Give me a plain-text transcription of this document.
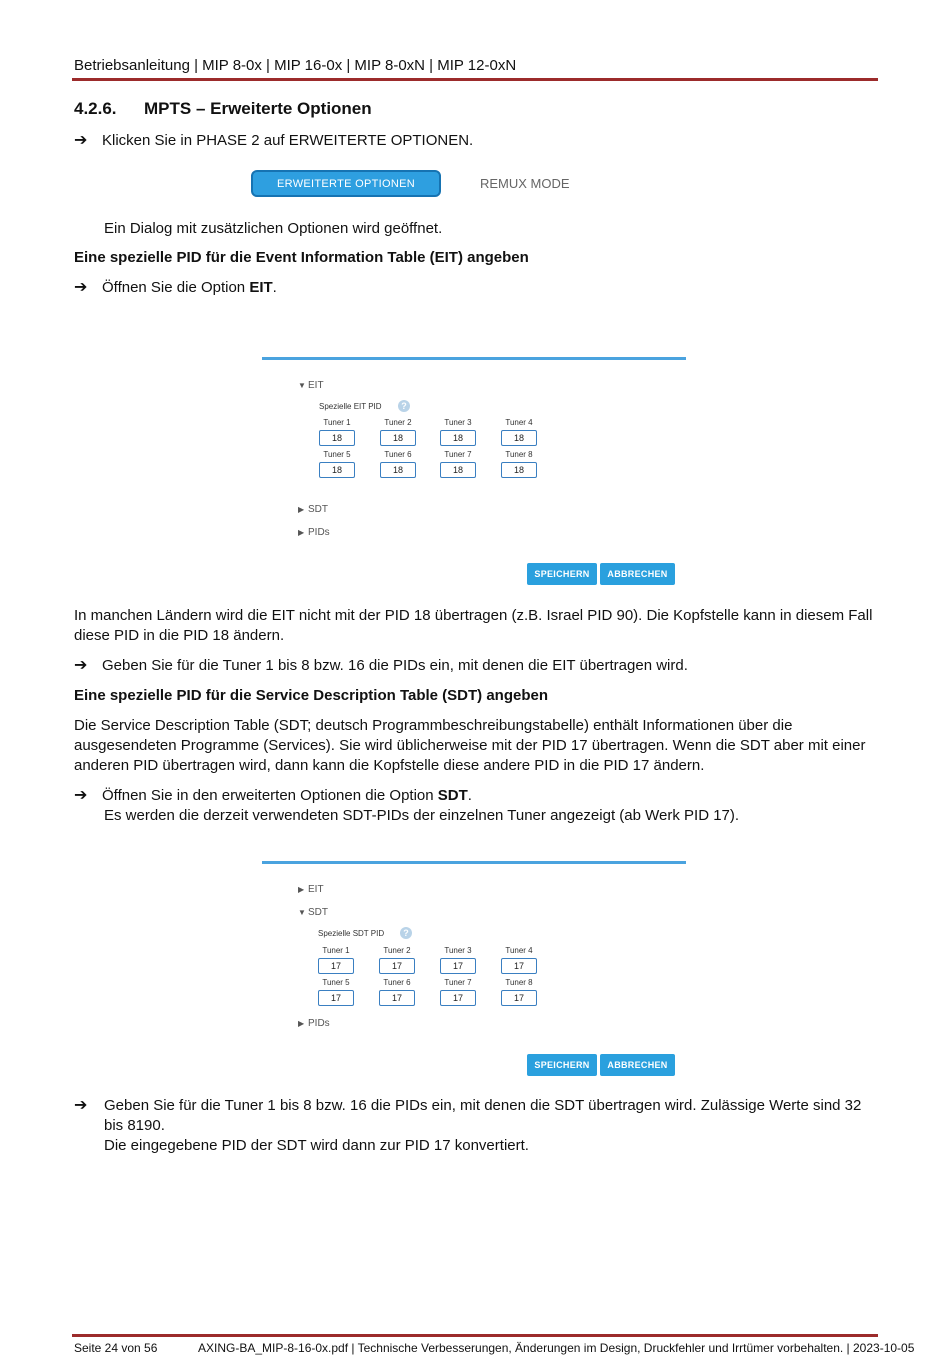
Betriebsanleitung | MIP 8-0x | MIP 16-0x | MIP 8-0xN | MIP 12-0xN
4.2.6. MPTS – Erweiterte Optionen
➔ Klicken Sie in PHASE 2 auf ERWEITERTE OPTIONEN.
ERWEITERTE OPTIONEN	REMUX MODE
Ein Dialog mit zusätzlichen Optionen wird geöffnet.
Eine spezielle PID für die Event Information Table (EIT) angeben
➔ Öffnen Sie die Option EIT.
▼ EIT
Spezielle EIT PID	?
Tuner 1	Tuner 2	Tuner 3	Tuner 4
18	18	18	18
Tuner 5	Tuner 6	Tuner 7	Tuner 8
18	18	18	18
▶ SDT
▶ PIDs
SPEICHERN	ABBRECHEN
In manchen Ländern wird die EIT nicht mit der PID 18 übertragen (z.B. Israel PID 90). Die Kopfstelle kann in diesem Fall diese PID in die PID 18 ändern.
➔ Geben Sie für die Tuner 1 bis 8 bzw. 16 die PIDs ein, mit denen die EIT übertragen wird.
Eine spezielle PID für die Service Description Table (SDT) angeben
Die Service Description Table (SDT; deutsch Programmbeschreibungstabelle) enthält Informationen über die ausgesendeten Programme (Services). Sie wird üblicherweise mit der PID 17 übertragen. Wenn die SDT aber mit einer anderen PID übertragen wird, dann kann die Kopfstelle diese andere PID in die PID 17 ändern.
➔ Öffnen Sie in den erweiterten Optionen die Option SDT.
Es werden die derzeit verwendeten SDT-PIDs der einzelnen Tuner angezeigt (ab Werk PID 17).
▶ EIT
▼ SDT
Spezielle SDT PID	?
Tuner 1	Tuner 2	Tuner 3	Tuner 4
17	17	17	17
Tuner 5	Tuner 6	Tuner 7	Tuner 8
17	17	17	17
▶ PIDs
SPEICHERN	ABBRECHEN
➔ Geben Sie für die Tuner 1 bis 8 bzw. 16 die PIDs ein, mit denen die SDT übertragen wird. Zulässige Werte sind 32 bis 8190.
Die eingegebene PID der SDT wird dann zur PID 17 konvertiert.
Seite 24 von 56	AXING-BA_MIP-8-16-0x.pdf | Technische Verbesserungen, Änderungen im Design, Druckfehler und Irrtümer vorbehalten. | 2023-10-05
